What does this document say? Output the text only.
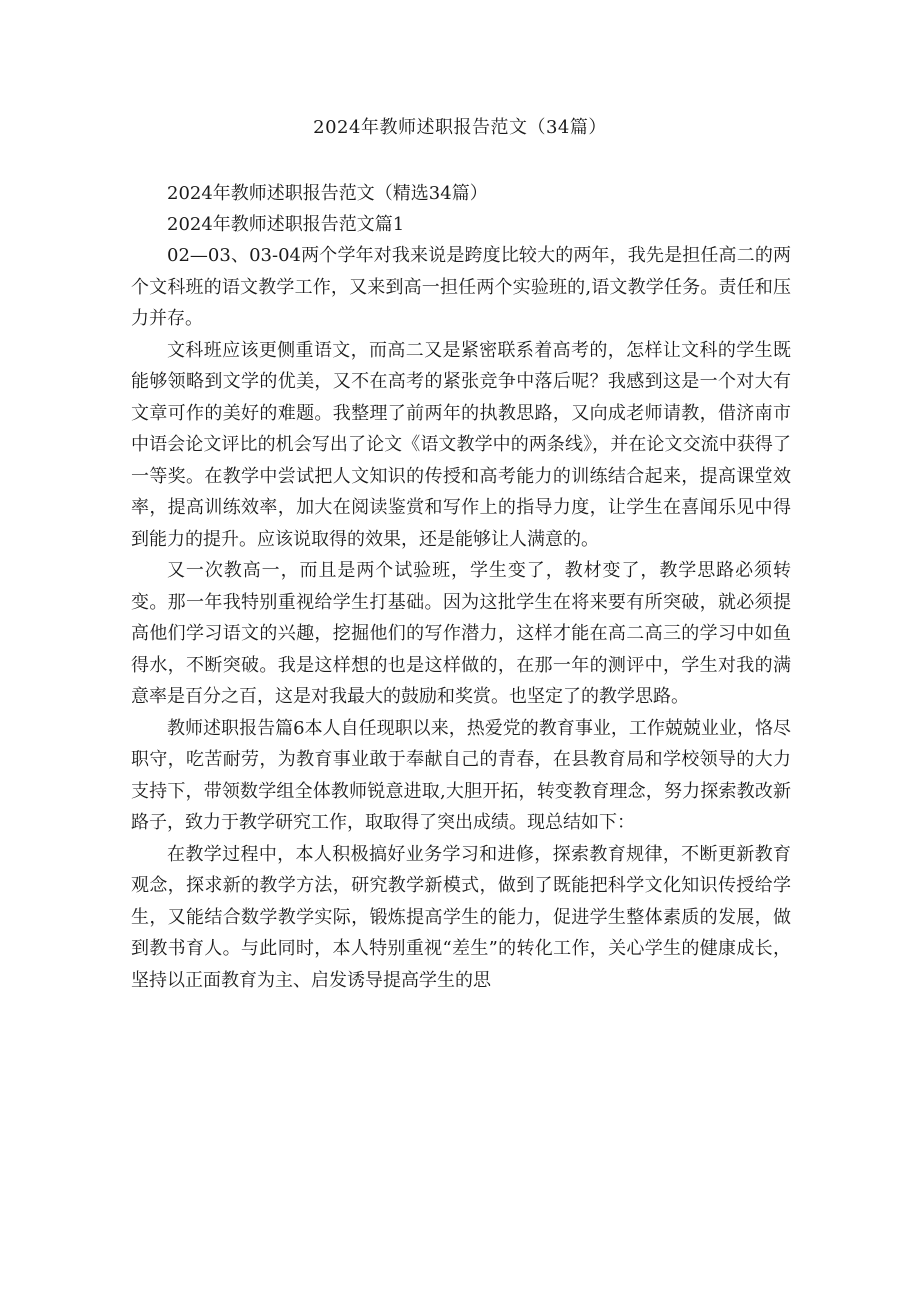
2024年教师述职报告范文（34篇）

2024年教师述职报告范文（精选34篇）

2024年教师述职报告范文篇1

02—03、03-04两个学年对我来说是跨度比较大的两年，我先是担任高二的两个文科班的语文教学工作，又来到高一担任两个实验班的,语文教学任务。责任和压力并存。

文科班应该更侧重语文，而高二又是紧密联系着高考的，怎样让文科的学生既能够领略到文学的优美，又不在高考的紧张竞争中落后呢？我感到这是一个对大有文章可作的美好的难题。我整理了前两年的执教思路，又向成老师请教，借济南市中语会论文评比的机会写出了论文《语文教学中的两条线》，并在论文交流中获得了一等奖。在教学中尝试把人文知识的传授和高考能力的训练结合起来，提高课堂效率，提高训练效率，加大在阅读鉴赏和写作上的指导力度，让学生在喜闻乐见中得到能力的提升。应该说取得的效果，还是能够让人满意的。

又一次教高一，而且是两个试验班，学生变了，教材变了，教学思路必须转变。那一年我特别重视给学生打基础。因为这批学生在将来要有所突破，就必须提高他们学习语文的兴趣，挖掘他们的写作潜力，这样才能在高二高三的学习中如鱼得水，不断突破。我是这样想的也是这样做的，在那一年的测评中，学生对我的满意率是百分之百，这是对我最大的鼓励和奖赏。也坚定了的教学思路。

教师述职报告篇6本人自任现职以来，热爱党的教育事业，工作兢兢业业，恪尽职守，吃苦耐劳，为教育事业敢于奉献自己的青春，在县教育局和学校领导的大力支持下，带领数学组全体教师锐意进取,大胆开拓，转变教育理念，努力探索教改新路子，致力于教学研究工作，取取得了突出成绩。现总结如下：

在教学过程中，本人积极搞好业务学习和进修，探索教育规律，不断更新教育观念，探求新的教学方法，研究教学新模式，做到了既能把科学文化知识传授给学生，又能结合数学教学实际，锻炼提高学生的能力，促进学生整体素质的发展，做到教书育人。与此同时，本人特别重视“差生”的转化工作，关心学生的健康成长，坚持以正面教育为主、启发诱导提高学生的思
